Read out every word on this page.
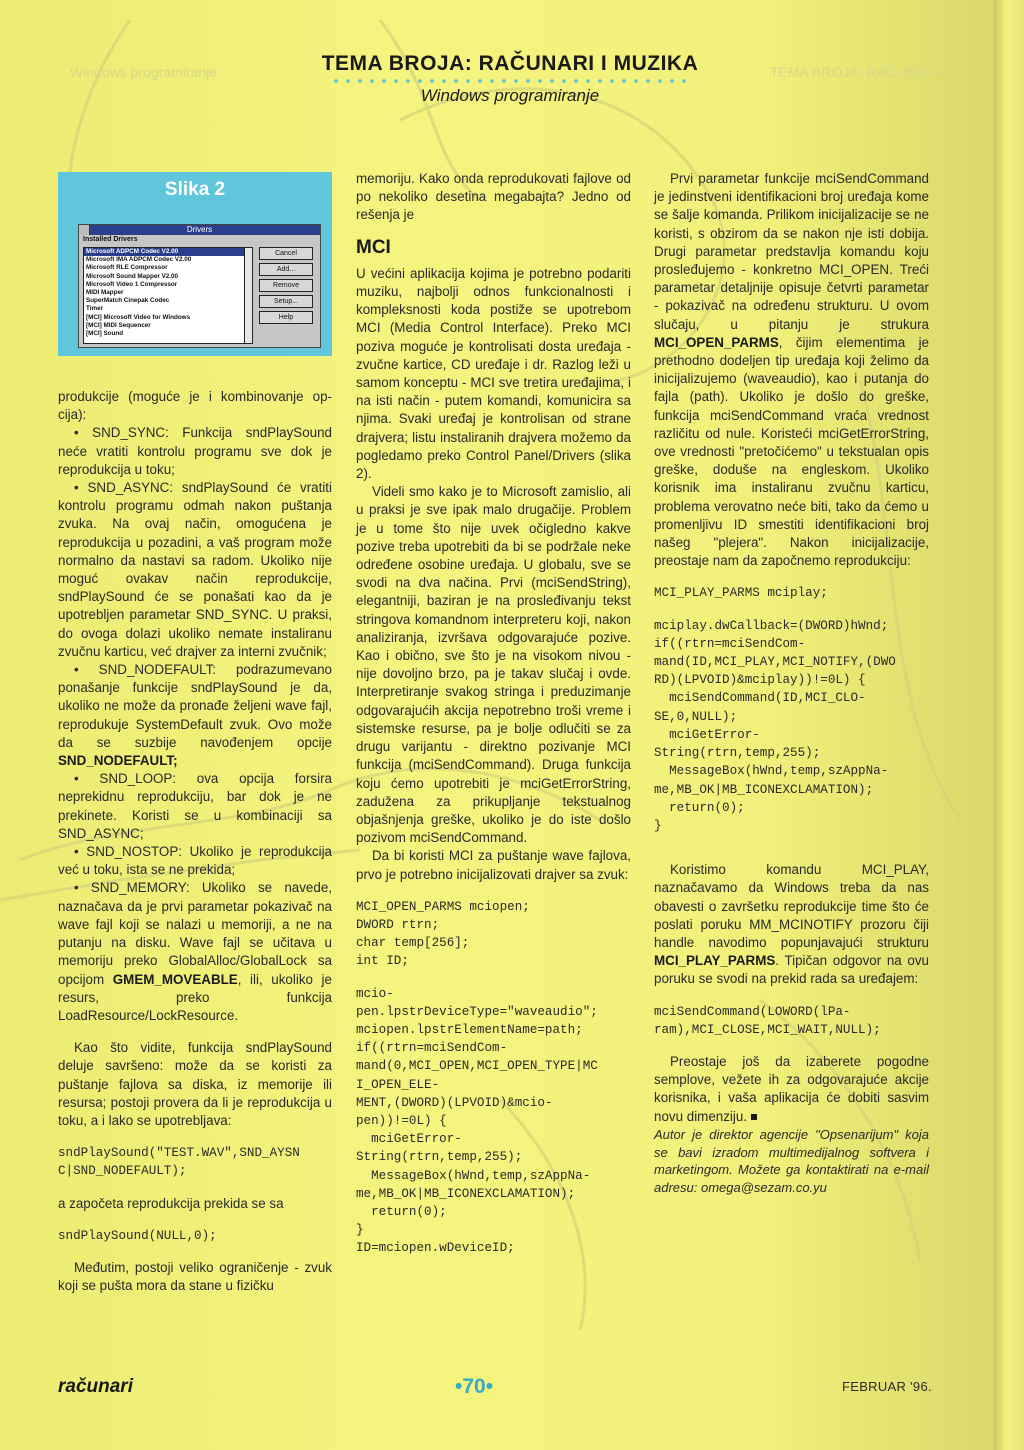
Windows programiranje	TEMA BROJA: RAČUNARI
TEMA BROJA: RAČUNARI I MUZIKA
Windows programiranje
Slika 2
Drivers
Installed Drivers
Microsoft ADPCM Codec V2.00
Microsoft IMA ADPCM Codec V2.00
Microsoft RLE Compressor
Microsoft Sound Mapper V2.00
Microsoft Video 1 Compressor
MIDI Mapper
SuperMatch Cinepak Codec
Timer
[MCI] Microsoft Video for Windows
[MCI] MIDI Sequencer
[MCI] Sound
Cancel
Add...
Remove
Setup...
Help

produkcije (moguće je i kombinovanje op-cija):

• SND_SYNC: Funkcija sndPlaySound neće vratiti kontrolu programu sve dok je reprodukcija u toku;

• SND_ASYNC: sndPlaySound će vratiti kontrolu programu odmah nakon puštanja zvuka. Na ovaj način, omogućena je reprodukcija u pozadini, a vaš program može normalno da nastavi sa radom. Ukoliko nije moguć ovakav način reprodukcije, sndPlaySound će se ponašati kao da je upotrebljen parametar SND_SYNC. U praksi, do ovoga dolazi ukoliko nemate instaliranu zvučnu karticu, već drajver za interni zvučnik;

• SND_NODEFAULT: podrazumevano ponašanje funkcije sndPlaySound je da, ukoliko ne može da pronađe željeni wave fajl, reprodukuje SystemDefault zvuk. Ovo može da se suzbije navođenjem opcije SND_NODEFAULT;

• SND_LOOP: ova opcija forsira neprekidnu reprodukciju, bar dok je ne prekinete. Koristi se u kombinaciji sa SND_ASYNC;

• SND_NOSTOP: Ukoliko je reprodukcija već u toku, ista se ne prekida;

• SND_MEMORY: Ukoliko se navede, naznačava da je prvi parametar pokazivač na wave fajl koji se nalazi u memoriji, a ne na putanju na disku. Wave fajl se učitava u memoriju preko GlobalAlloc/GlobalLock sa opcijom GMEM_MOVEABLE, ili, ukoliko je resurs, preko funkcija LoadResource/LockResource.

Kao što vidite, funkcija sndPlaySound deluje savršeno: može da se koristi za puštanje fajlova sa diska, iz memorije ili resursa; postoji provera da li je reprodukcija u toku, a i lako se upotrebljava:

sndPlaySound("TEST.WAV",SND_AYSN
C|SND_NODEFAULT);

a započeta reprodukcija prekida se sa

sndPlaySound(NULL,0);

Međutim, postoji veliko ograničenje - zvuk koji se pušta mora da stane u fizičku

memoriju. Kako onda reprodukovati fajlove od po nekoliko desetina megabajta? Jedno od rešenja je

MCI

U većini aplikacija kojima je potrebno podariti muziku, najbolji odnos funkcionalnosti i kompleksnosti koda postiže se upotrebom MCI (Media Control Interface). Preko MCI poziva moguće je kontrolisati dosta uređaja - zvučne kartice, CD uređaje i dr. Razlog leži u samom konceptu - MCI sve tretira uređajima, i na isti način - putem komandi, komunicira sa njima. Svaki uređaj je kontrolisan od strane drajvera; listu instaliranih drajvera možemo da pogledamo preko Control Panel/Drivers (slika 2).

Videli smo kako je to Microsoft zamislio, ali u praksi je sve ipak malo drugačije. Problem je u tome što nije uvek očigledno kakve pozive treba upotrebiti da bi se podržale neke određene osobine uređaja. U globalu, sve se svodi na dva načina. Prvi (mciSendString), elegantniji, baziran je na prosleđivanju tekst stringova komandnom interpreteru koji, nakon analiziranja, izvršava odgovarajuće pozive. Kao i obično, sve što je na visokom nivou - nije dovoljno brzo, pa je takav slučaj i ovde. Interpretiranje svakog stringa i preduzimanje odgovarajućih akcija nepotrebno troši vreme i sistemske resurse, pa je bolje odlučiti se za drugu varijantu - direktno pozivanje MCI funkcija (mciSendCommand). Druga funkcija koju ćemo upotrebiti je mciGetErrorString, zadužena za prikupljanje tekstualnog objašnjenja greške, ukoliko je do iste došlo pozivom mciSendCommand.

Da bi koristi MCI za puštanje wave fajlova, prvo je potrebno inicijalizovati drajver sa zvuk:

MCI_OPEN_PARMS mciopen;
DWORD rtrn;
char temp[256];
int ID;
mcio-
pen.lpstrDeviceType="waveaudio";
mciopen.lpstrElementName=path;
if((rtrn=mciSendCom-
mand(0,MCI_OPEN,MCI_OPEN_TYPE|MC
I_OPEN_ELE-
MENT,(DWORD)(LPVOID)&mcio-
pen))!=0L) {
mciGetError-
String(rtrn,temp,255);
MessageBox(hWnd,temp,szAppNa-
me,MB_OK|MB_ICONEXCLAMATION);
return(0);
}
ID=mciopen.wDeviceID;

Prvi parametar funkcije mciSendCommand je jedinstveni identifikacioni broj uređaja kome se šalje komanda. Prilikom inicijalizacije se ne koristi, s obzirom da se nakon nje isti dobija. Drugi parametar predstavlja komandu koju prosleđujemo - konkretno MCI_OPEN. Treći parametar detaljnije opisuje četvrti parametar - pokazivač na određenu strukturu. U ovom slučaju, u pitanju je strukura MCI_OPEN_PARMS, čijim elementima je prethodno dodeljen tip uređaja koji želimo da inicijalizujemo (waveaudio), kao i putanja do fajla (path). Ukoliko je došlo do greške, funkcija mciSendCommand vraća vrednost različitu od nule. Koristeći mciGetErrorString, ove vrednosti "pretočićemo" u tekstualan opis greške, doduše na engleskom. Ukoliko korisnik ima instaliranu zvučnu karticu, problema verovatno neće biti, tako da ćemo u promenljivu ID smestiti identifikacioni broj našeg "plejera". Nakon inicijalizacije, preostaje nam da započnemo reprodukciju:

MCI_PLAY_PARMS mciplay;
mciplay.dwCallback=(DWORD)hWnd;
if((rtrn=mciSendCom-
mand(ID,MCI_PLAY,MCI_NOTIFY,(DWO
RD)(LPVOID)&mciplay))!=0L) {
mciSendCommand(ID,MCI_CLO-
SE,0,NULL);
mciGetError-
String(rtrn,temp,255);
MessageBox(hWnd,temp,szAppNa-
me,MB_OK|MB_ICONEXCLAMATION);
return(0);
}

Koristimo komandu MCI_PLAY, naznačavamo da Windows treba da nas obavesti o završetku reprodukcije time što će poslati poruku MM_MCINOTIFY prozoru čiji handle navodimo popunjavajući strukturu MCI_PLAY_PARMS. Tipičan odgovor na ovu poruku se svodi na prekid rada sa uređajem:

mciSendCommand(LOWORD(lPa-
ram),MCI_CLOSE,MCI_WAIT,NULL);

Preostaje još da izaberete pogodne semplove, vežete ih za odgovarajuće akcije korisnika, i vaša aplikacija će dobiti sasvim novu dimenziju.

Autor je direktor agencije "Opsenarijum" koja se bavi izradom multimedijalnog softvera i marketingom. Možete ga kontaktirati na e-mail adresu: omega@sezam.co.yu

računari	•70•	FEBRUAR '96.
